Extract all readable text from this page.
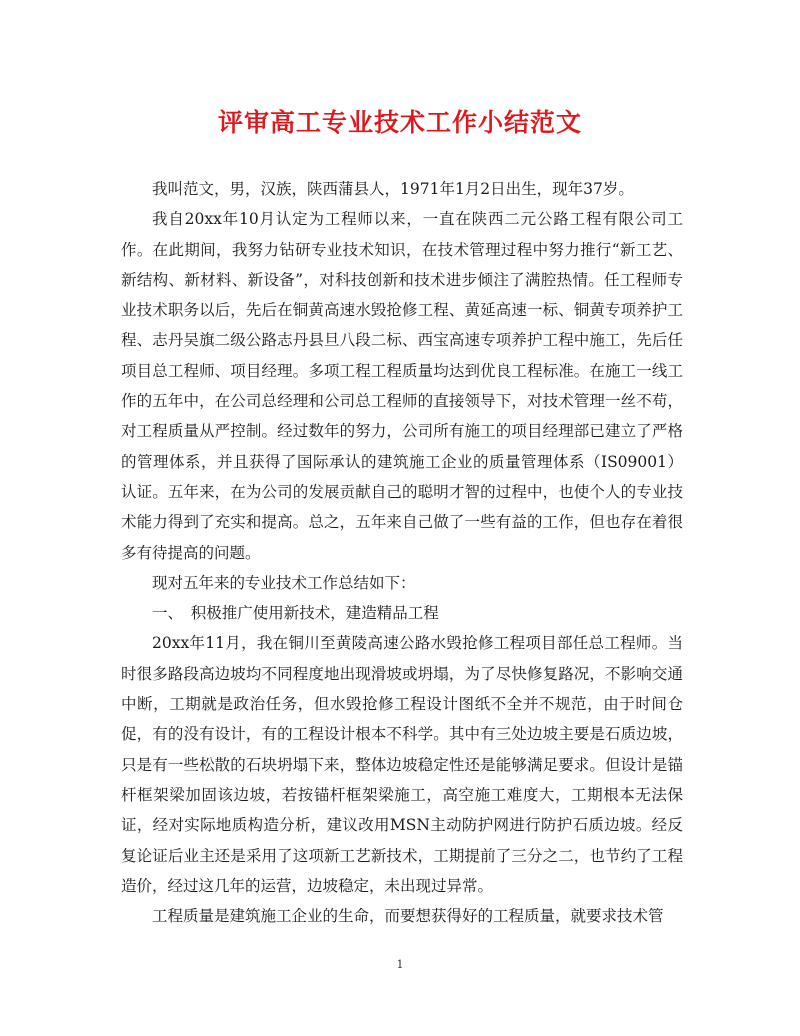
评审高工专业技术工作小结范文

我叫范文，男，汉族，陕西蒲县人，1971年1月2日出生，现年37岁。

我自20xx年10月认定为工程师以来，一直在陕西二元公路工程有限公司工作。在此期间，我努力钻研专业技术知识，在技术管理过程中努力推行“新工艺、新结构、新材料、新设备”，对科技创新和技术进步倾注了满腔热情。任工程师专业技术职务以后，先后在铜黄高速水毁抢修工程、黄延高速一标、铜黄专项养护工程、志丹吴旗二级公路志丹县旦八段二标、西宝高速专项养护工程中施工，先后任项目总工程师、项目经理。多项工程工程质量均达到优良工程标准。在施工一线工作的五年中，在公司总经理和公司总工程师的直接领导下，对技术管理一丝不苟，对工程质量从严控制。经过数年的努力，公司所有施工的项目经理部已建立了严格的管理体系，并且获得了国际承认的建筑施工企业的质量管理体系（IS09001）认证。五年来，在为公司的发展贡献自己的聪明才智的过程中，也使个人的专业技术能力得到了充实和提高。总之，五年来自己做了一些有益的工作，但也存在着很多有待提高的问题。

现对五年来的专业技术工作总结如下：

一、　积极推广使用新技术，建造精品工程

20xx年11月，我在铜川至黄陵高速公路水毁抢修工程项目部任总工程师。当时很多路段高边坡均不同程度地出现滑坡或坍塌，为了尽快修复路况，不影响交通中断，工期就是政治任务，但水毁抢修工程设计图纸不全并不规范，由于时间仓促，有的没有设计，有的工程设计根本不科学。其中有三处边坡主要是石质边坡，只是有一些松散的石块坍塌下来，整体边坡稳定性还是能够满足要求。但设计是锚杆框架梁加固该边坡，若按锚杆框架梁施工，高空施工难度大，工期根本无法保证，经对实际地质构造分析，建议改用MSN主动防护网进行防护石质边坡。经反复论证后业主还是采用了这项新工艺新技术，工期提前了三分之二，也节约了工程造价，经过这几年的运营，边坡稳定，未出现过异常。

工程质量是建筑施工企业的生命，而要想获得好的工程质量，就要求技术管

1
